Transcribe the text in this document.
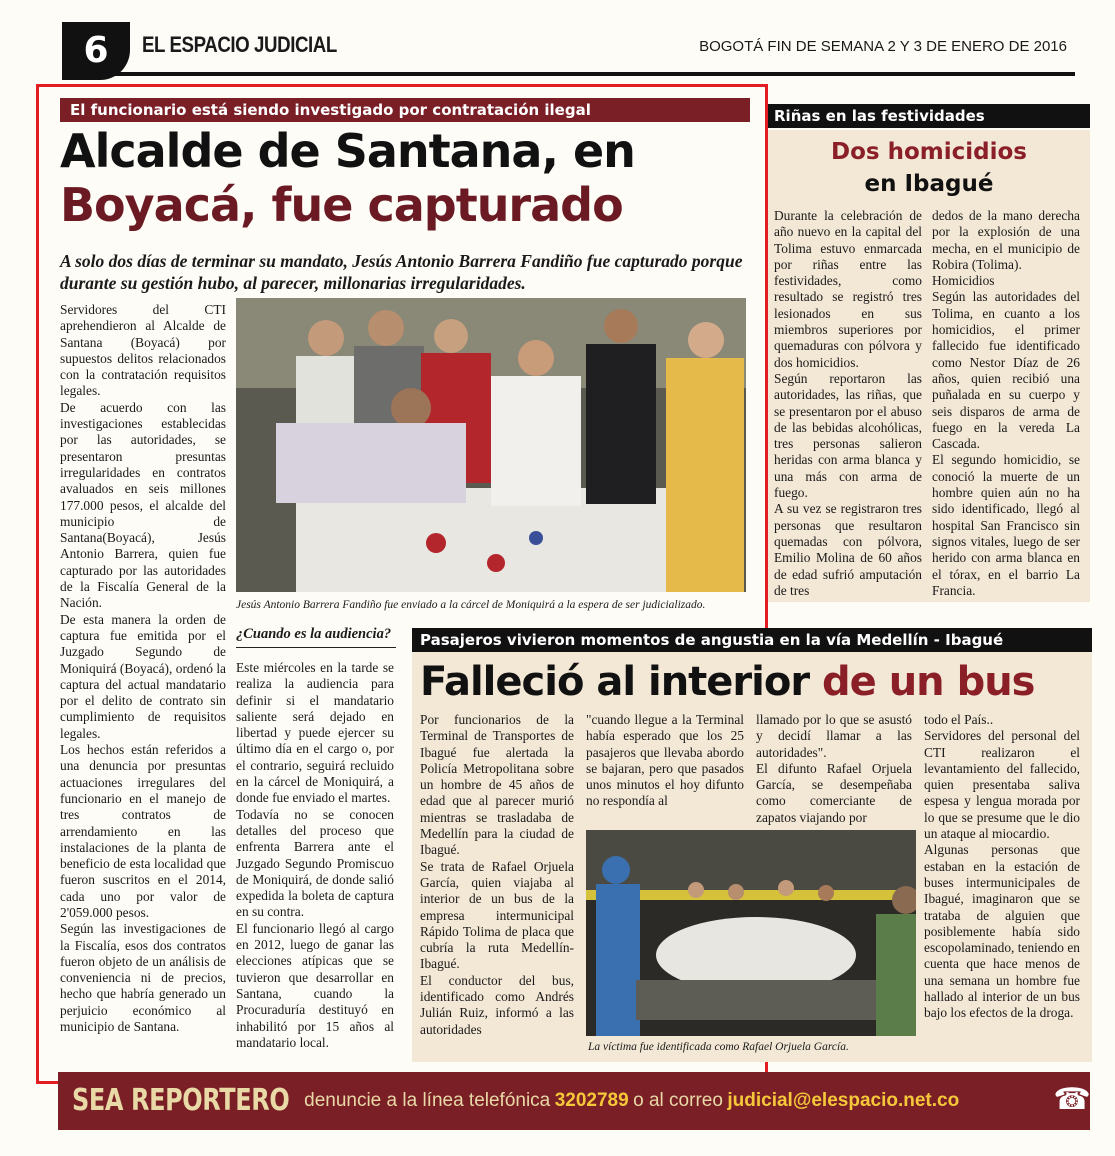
6	EL ESPACIO JUDICIAL	BOGOTÁ FIN DE SEMANA 2 Y 3 DE ENERO DE 2016
El funcionario está siendo investigado por contratación ilegal
Alcalde de Santana, en
Boyacá, fue capturado
A solo dos días de terminar su mandato, Jesús Antonio Barrera Fandiño fue capturado porque durante su gestión hubo, al parecer, millonarias irregularidades.

Servidores del CTI aprehendieron al Alcalde de Santana (Boyacá) por supuestos delitos relacionados con la contratación requisitos legales.

De acuerdo con las investigaciones establecidas por las autoridades, se presentaron presuntas irregularidades en contratos avaluados en seis millones 177.000 pesos, el alcalde del municipio de Santana(Boyacá), Jesús Antonio Barrera, quien fue capturado por las autoridades de la Fiscalía General de la Nación.

De esta manera la orden de captura fue emitida por el Juzgado Segundo de Moniquirá (Boyacá), ordenó la captura del actual mandatario por el delito de contrato sin cumplimiento de requisitos legales.

Los hechos están referidos a una denuncia por presuntas actuaciones irregulares del funcionario en el manejo de tres contratos de arrendamiento en las instalaciones de la planta de beneficio de esta localidad que fueron suscritos en el 2014, cada uno por valor de 2'059.000 pesos.

Según las investigaciones de la Fiscalía, esos dos contratos fueron objeto de un análisis de conveniencia ni de precios, hecho que habría generado un perjuicio económico al municipio de Santana.

Jesús Antonio Barrera Fandiño fue enviado a la cárcel de Moniquirá a la espera de ser judicializado.
¿Cuando es la audiencia?

Este miércoles en la tarde se realiza la audiencia para definir si el mandatario saliente será dejado en libertad y puede ejercer su último día en el cargo o, por el contrario, seguirá recluido en la cárcel de Moniquirá, a donde fue enviado el martes.

Todavía no se conocen detalles del proceso que enfrenta Barrera ante el Juzgado Segundo Promiscuo de Moniquirá, de donde salió expedida la boleta de captura en su contra.

El funcionario llegó al cargo en 2012, luego de ganar las elecciones atípicas que se tuvieron que desarrollar en Santana, cuando la Procuraduría destituyó en inhabilitó por 15 años al mandatario local.

Riñas en las festividades
Dos homicidios
en Ibagué

Durante la celebración de año nuevo en la capital del Tolima estuvo enmarcada por riñas entre las festividades, como resultado se registró tres lesionados en sus miembros superiores por quemaduras con pólvora y dos homicidios.

Según reportaron las autoridades, las riñas, que se presentaron por el abuso de las bebidas alcohólicas, tres personas salieron heridas con arma blanca y una más con arma de fuego.

A su vez se registraron tres personas que resultaron quemadas con pólvora, Emilio Molina de 60 años de edad sufrió amputación de tres

dedos de la mano derecha por la explosión de una mecha, en el municipio de Robira (Tolima).

Homicidios

Según las autoridades del Tolima, en cuanto a los homicidios, el primer fallecido fue identificado como Nestor Díaz de 26 años, quien recibió una puñalada en su cuerpo y seis disparos de arma de fuego en la vereda La Cascada.

El segundo homicidio, se conoció la muerte de un hombre quien aún no ha sido identificado, llegó al hospital San Francisco sin signos vitales, luego de ser herido con arma blanca en el tórax, en el barrio La Francia.

Pasajeros vivieron momentos de angustia en la vía Medellín - Ibagué
Falleció al interior de un bus

Por funcionarios de la Terminal de Transportes de Ibagué fue alertada la Policía Metropolitana sobre un hombre de 45 años de edad que al parecer murió mientras se trasladaba de Medellín para la ciudad de Ibagué.

Se trata de Rafael Orjuela García, quien viajaba al interior de un bus de la empresa intermunicipal Rápido Tolima de placa que cubría la ruta Medellín- Ibagué.

El conductor del bus, identificado como Andrés Julián Ruiz, informó a las autoridades

"cuando llegue a la Terminal había esperado que los 25 pasajeros que llevaba abordo se bajaran, pero que pasados unos minutos el hoy difunto no respondía al

llamado por lo que se asustó y decidí llamar a las autoridades".

El difunto Rafael Orjuela García, se desempeñaba como comerciante de zapatos viajando por

todo el País..

Servidores del personal del CTI realizaron el levantamiento del fallecido, quien presentaba saliva espesa y lengua morada por lo que se presume que le dio un ataque al miocardio.

Algunas personas que estaban en la estación de buses intermunicipales de Ibagué, imaginaron que se trataba de alguien que posiblemente había sido escopolaminado, teniendo en cuenta que hace menos de una semana un hombre fue hallado al interior de un bus bajo los efectos de la droga.

La víctima fue identificada como Rafael Orjuela García.
SEA REPORTERO denuncie a la línea telefónica 3202789 o al correo judicial@elespacio.net.co	☎
